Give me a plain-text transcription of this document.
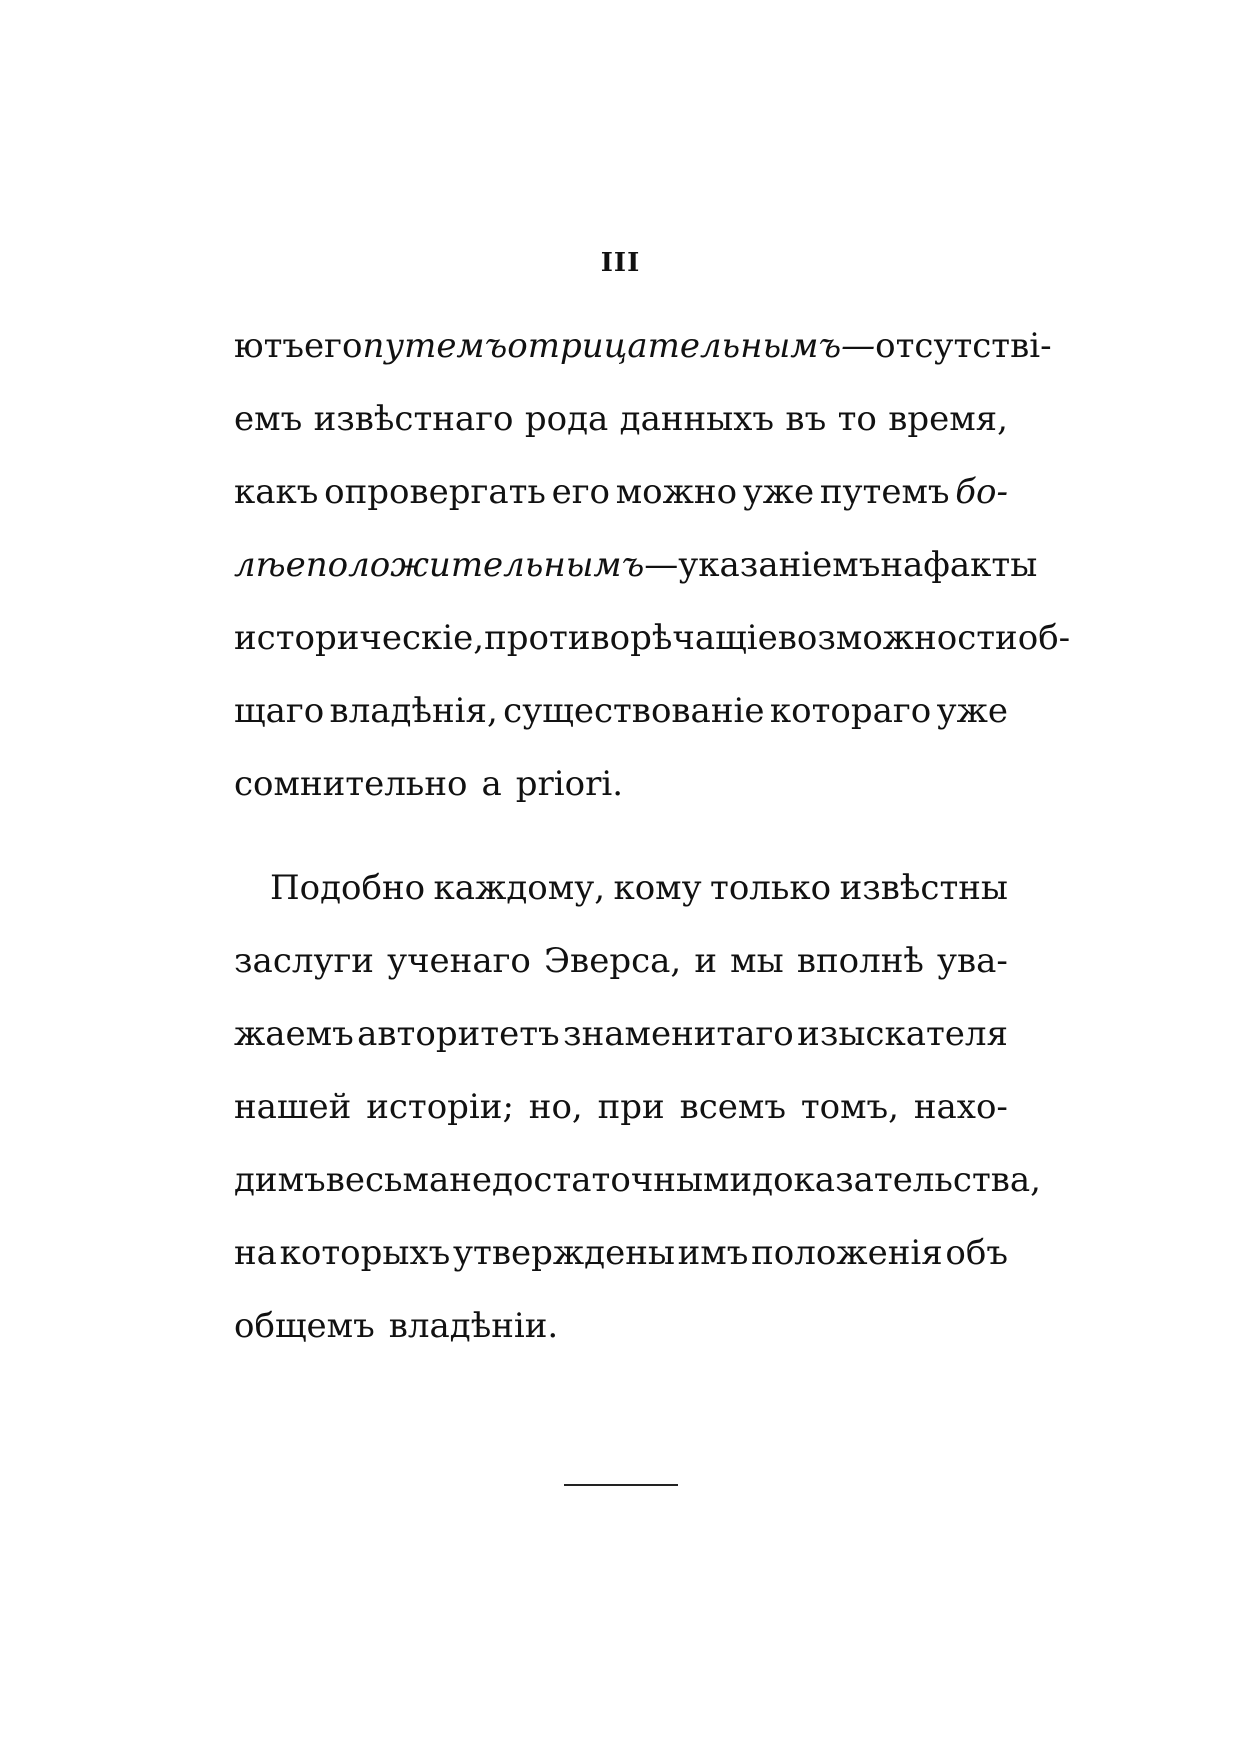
III
ютъ его путемъ отрицательнымъ— отсутствi-
емъ извѣстнаго рода данныхъ въ то время,
какъ опровергать его можно уже путемъ бо-
лѣе положительнымъ — указаніемъ на факты
историческіе, противорѣчащіе возможности об-
щаго владѣнія, существованіе котораго уже
сомнительно a priori.
Подобно каждому, кому только извѣстны
заслуги ученаго Эверса, и мы вполнѣ ува-
жаемъ авторитетъ знаменитаго изыскателя
нашей исторіи; но, при всемъ томъ, нахо-
димъ весьма недостаточными доказательства,
на которыхъ утверждены имъ положенія объ
общемъ владѣніи.
